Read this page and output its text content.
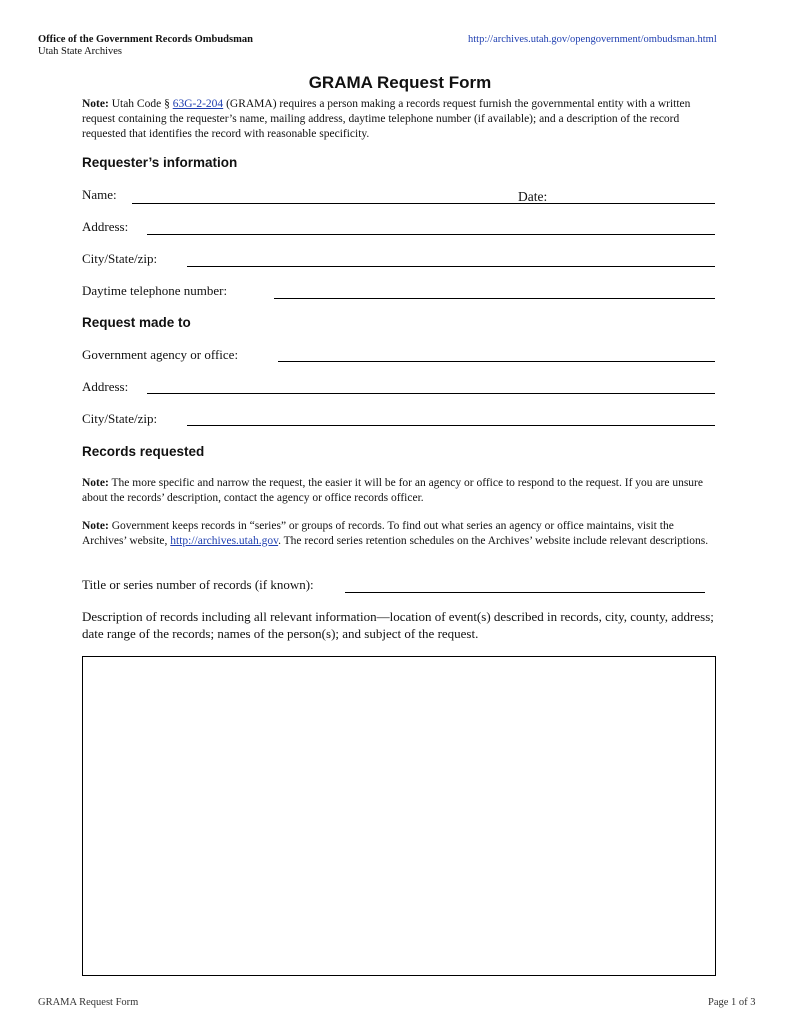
Office of the Government Records Ombudsman
Utah State Archives
http://archives.utah.gov/opengovernment/ombudsman.html
GRAMA Request Form
Note: Utah Code § 63G-2-204 (GRAMA) requires a person making a records request furnish the governmental entity with a written request containing the requester’s name, mailing address, daytime telephone number (if available); and a description of the record requested that identifies the record with reasonable specificity.
Requester’s information
Name:	Date:
Address:
City/State/zip:
Daytime telephone number:
Request made to
Government agency or office:
Address:
City/State/zip:
Records requested
Note: The more specific and narrow the request, the easier it will be for an agency or office to respond to the request. If you are unsure about the records’ description, contact the agency or office records officer.
Note: Government keeps records in “series” or groups of records. To find out what series an agency or office maintains, visit the Archives’ website, http://archives.utah.gov. The record series retention schedules on the Archives’ website include relevant descriptions.
Title or series number of records (if known):
Description of records including all relevant information—location of event(s) described in records, city, county, address; date range of the records; names of the person(s); and subject of the request.
GRAMA Request Form	Page 1 of 3
